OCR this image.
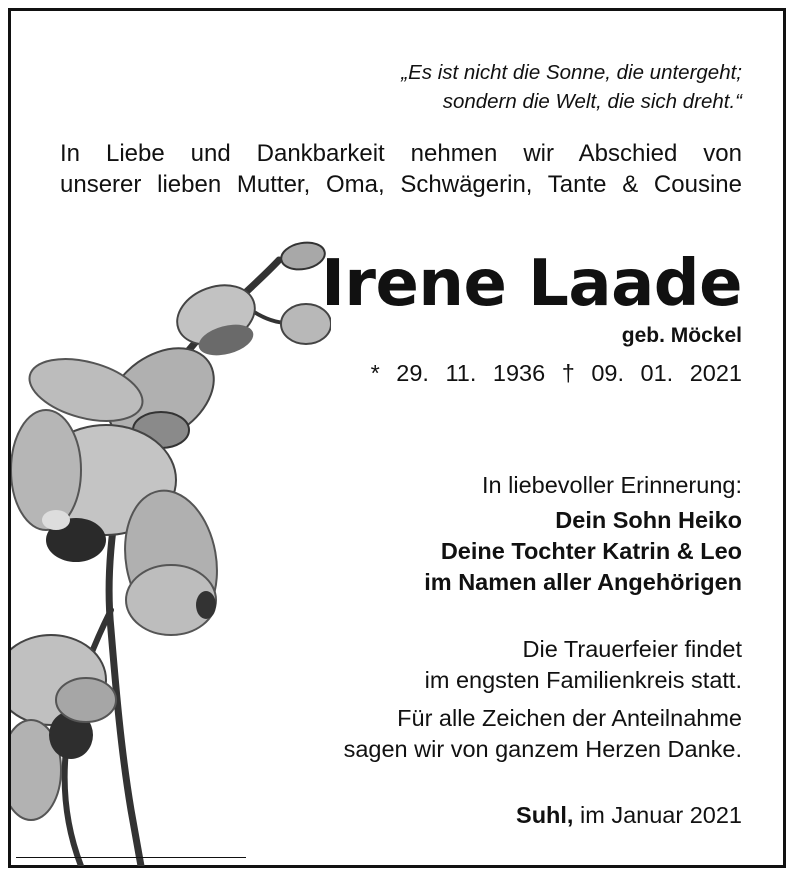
„Es ist nicht die Sonne, die untergeht;
sondern die Welt, die sich dreht.“
In Liebe und Dankbarkeit nehmen wir Abschied von
unserer lieben Mutter, Oma, Schwägerin, Tante & Cousine
Irene Laade
geb. Möckel
* 29. 11. 1936 † 09. 01. 2021
In liebevoller Erinnerung:
Dein Sohn Heiko
Deine Tochter Katrin & Leo
im Namen aller Angehörigen
Die Trauerfeier findet
im engsten Familienkreis statt.
Für alle Zeichen der Anteilnahme
sagen wir von ganzem Herzen Danke.
Suhl, im Januar 2021
